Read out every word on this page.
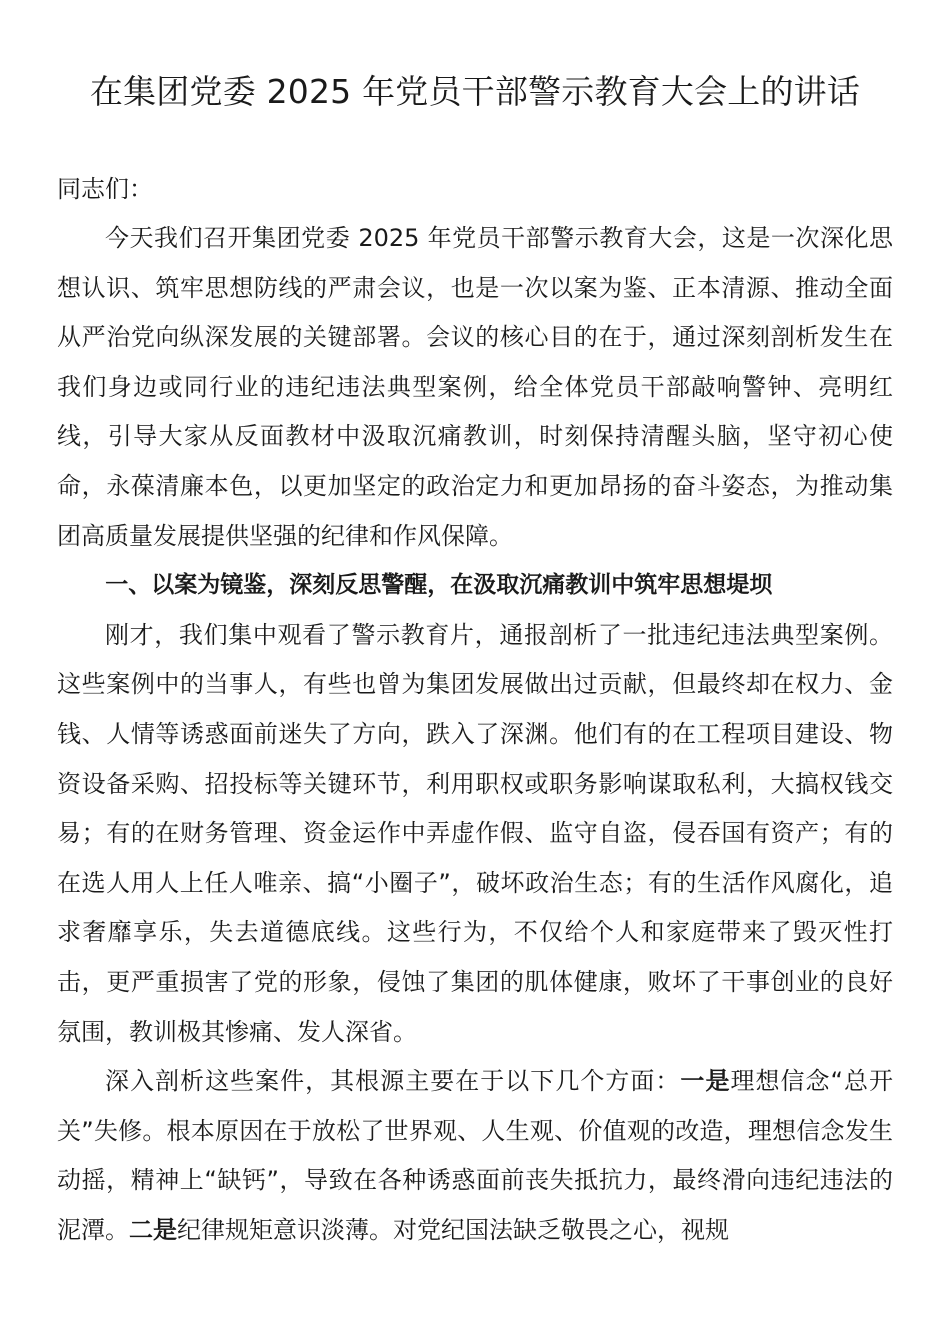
在集团党委 2025 年党员干部警示教育大会上的讲话

同志们：

今天我们召开集团党委 2025 年党员干部警示教育大会，这是一次深化思想认识、筑牢思想防线的严肃会议，也是一次以案为鉴、正本清源、推动全面从严治党向纵深发展的关键部署。会议的核心目的在于，通过深刻剖析发生在我们身边或同行业的违纪违法典型案例，给全体党员干部敲响警钟、亮明红线，引导大家从反面教材中汲取沉痛教训，时刻保持清醒头脑，坚守初心使命，永葆清廉本色，以更加坚定的政治定力和更加昂扬的奋斗姿态，为推动集团高质量发展提供坚强的纪律和作风保障。

一、以案为镜鉴，深刻反思警醒，在汲取沉痛教训中筑牢思想堤坝

刚才，我们集中观看了警示教育片，通报剖析了一批违纪违法典型案例。这些案例中的当事人，有些也曾为集团发展做出过贡献，但最终却在权力、金钱、人情等诱惑面前迷失了方向，跌入了深渊。他们有的在工程项目建设、物资设备采购、招投标等关键环节，利用职权或职务影响谋取私利，大搞权钱交易；有的在财务管理、资金运作中弄虚作假、监守自盗，侵吞国有资产；有的在选人用人上任人唯亲、搞“小圈子”，破坏政治生态；有的生活作风腐化，追求奢靡享乐，失去道德底线。这些行为，不仅给个人和家庭带来了毁灭性打击，更严重损害了党的形象，侵蚀了集团的肌体健康，败坏了干事创业的良好氛围，教训极其惨痛、发人深省。

深入剖析这些案件，其根源主要在于以下几个方面：一是理想信念“总开关”失修。根本原因在于放松了世界观、人生观、价值观的改造，理想信念发生动摇，精神上“缺钙”，导致在各种诱惑面前丧失抵抗力，最终滑向违纪违法的泥潭。二是纪律规矩意识淡薄。对党纪国法缺乏敬畏之心，视规
